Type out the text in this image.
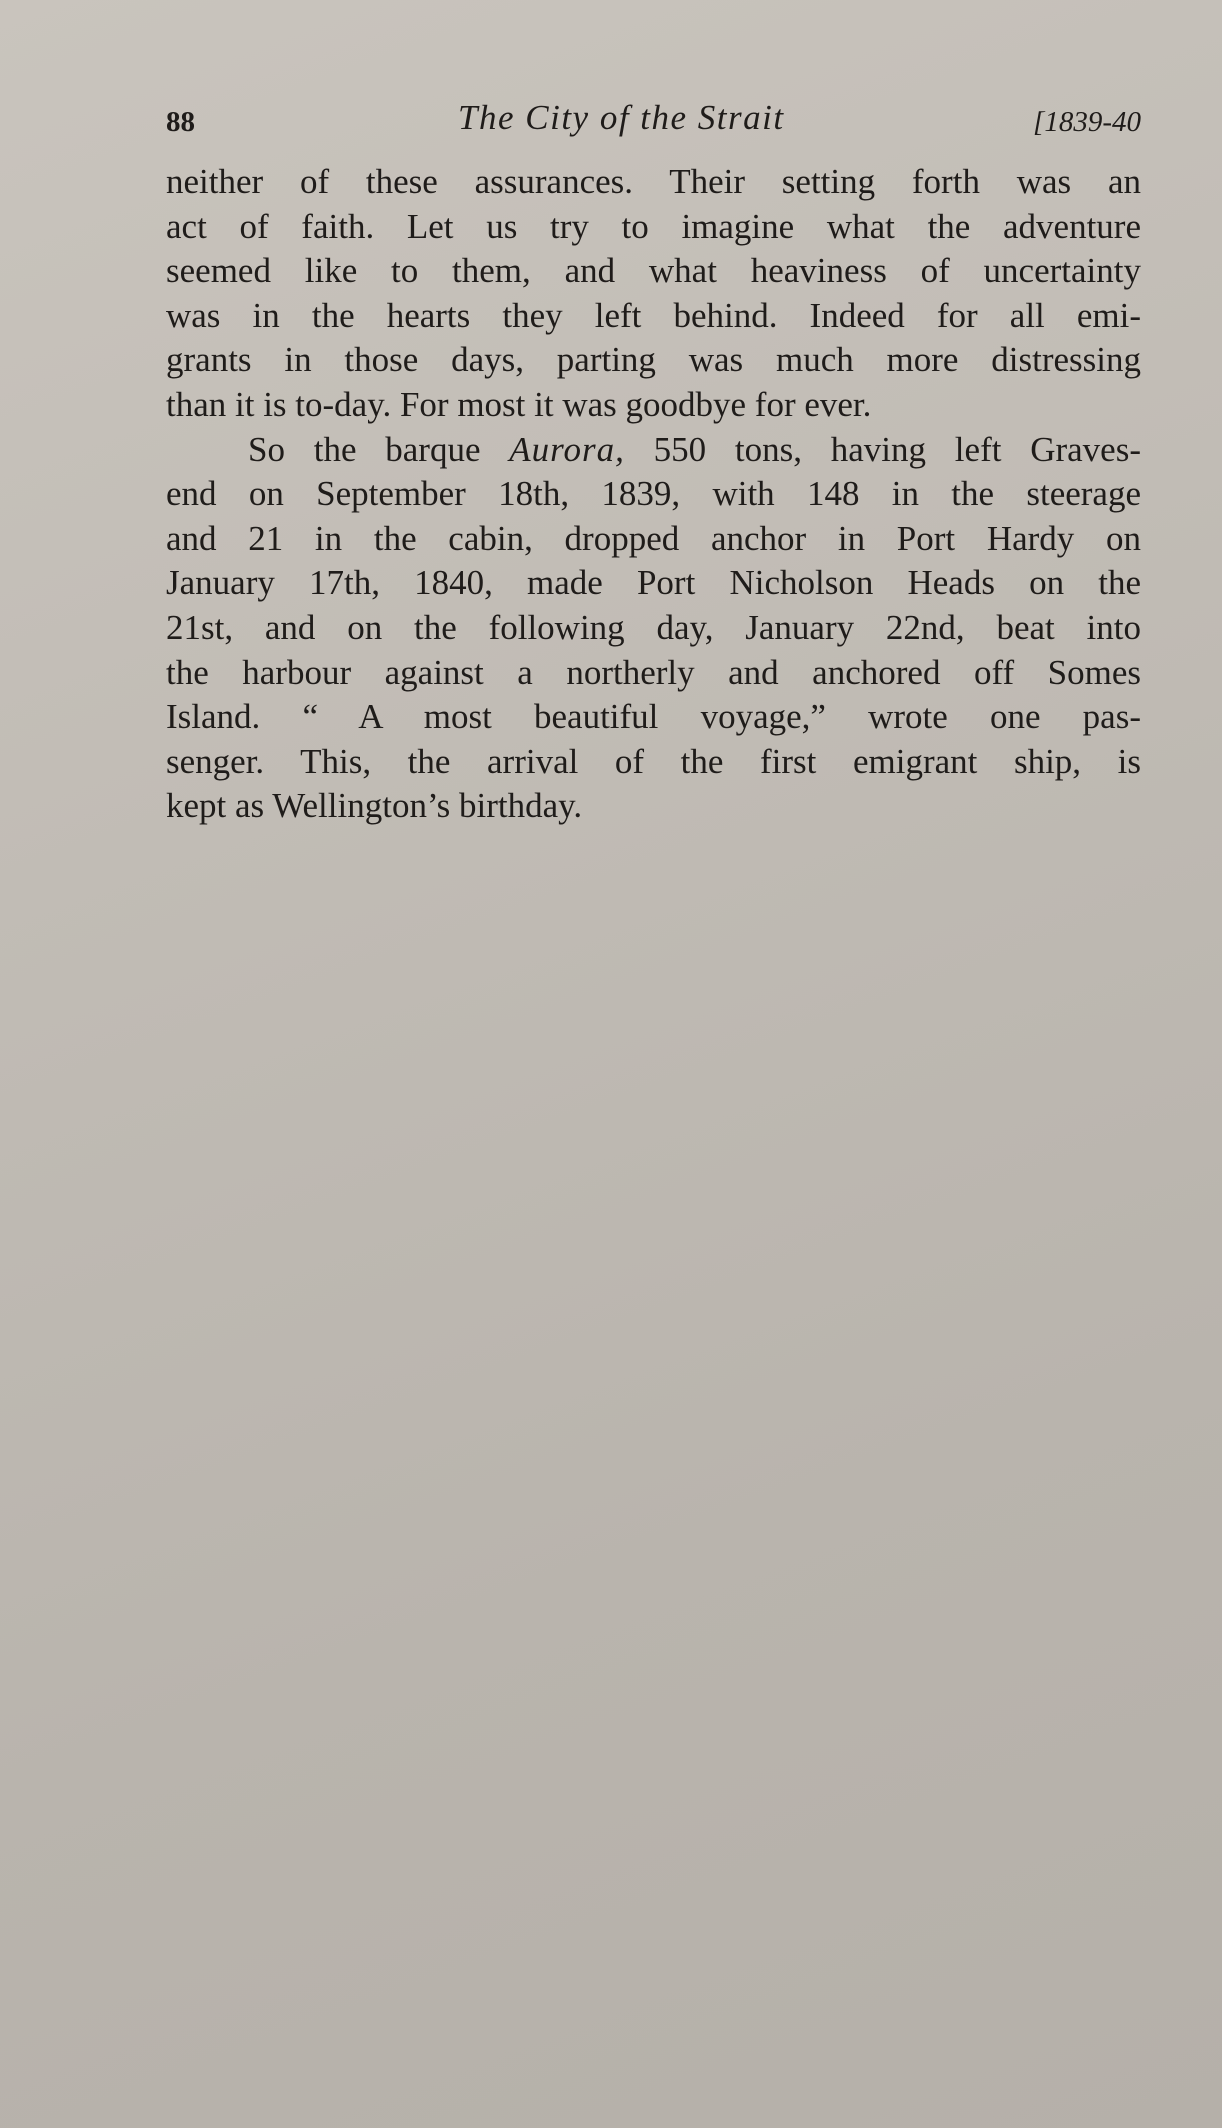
88	The City of the Strait	[1839-40
neither of these assurances. Their setting forth was an
act of faith. Let us try to imagine what the adventure
seemed like to them, and what heaviness of uncertainty
was in the hearts they left behind. Indeed for all emi-
grants in those days, parting was much more distressing
than it is to-day. For most it was goodbye for ever.
So the barque Aurora, 550 tons, having left Graves-
end on September 18th, 1839, with 148 in the steerage
and 21 in the cabin, dropped anchor in Port Hardy on
January 17th, 1840, made Port Nicholson Heads on the
21st, and on the following day, January 22nd, beat into
the harbour against a northerly and anchored off Somes
Island. “ A most beautiful voyage,” wrote one pas-
senger. This, the arrival of the first emigrant ship, is
kept as Wellington’s birthday.
